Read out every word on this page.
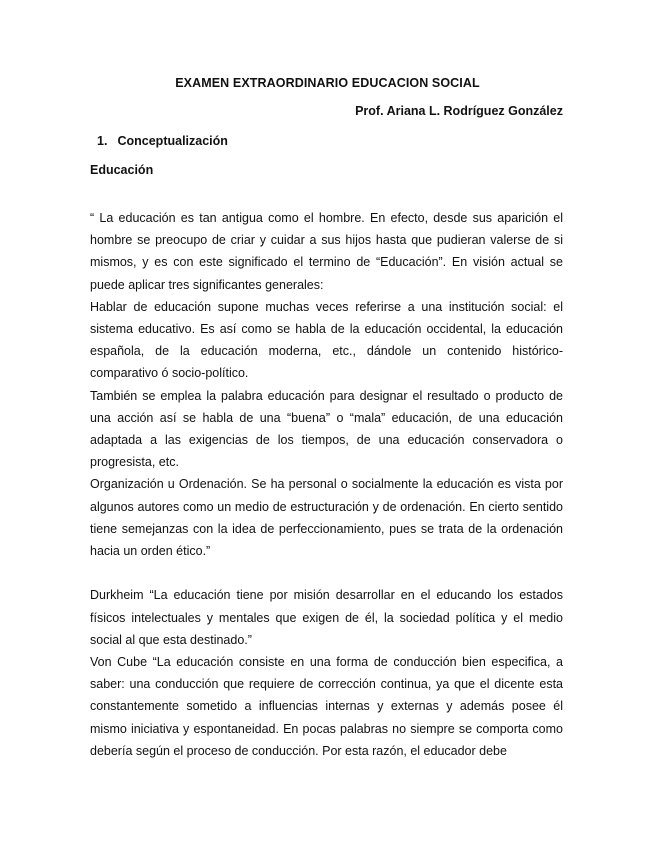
EXAMEN EXTRAORDINARIO EDUCACION SOCIAL
Prof. Ariana L. Rodríguez González
1. Conceptualización
Educación

“ La educación es tan antigua como el hombre. En efecto, desde sus aparición el hombre se preocupo de criar y cuidar a sus hijos hasta que pudieran valerse de si mismos, y es con este significado el termino de “Educación”. En visión actual se puede aplicar tres significantes generales:

Hablar de educación supone muchas veces referirse a una institución social: el sistema educativo. Es así como se habla de la educación occidental, la educación española, de la educación moderna, etc., dándole un contenido histórico-comparativo ó socio-político.

También se emplea la palabra educación para designar el resultado o producto de una acción así se habla de una “buena” o “mala” educación, de una educación adaptada a las exigencias de los tiempos, de una educación conservadora o progresista, etc.

Organización u Ordenación. Se ha personal o socialmente la educación es vista por algunos autores como un medio de estructuración y de ordenación. En cierto sentido tiene semejanzas con la idea de perfeccionamiento, pues se trata de la ordenación hacia un orden ético.”

Durkheim “La educación tiene por misión desarrollar en el educando los estados físicos intelectuales y mentales que exigen de él, la sociedad política y el medio social al que esta destinado.”

Von Cube “La educación consiste en una forma de conducción bien especifica, a saber: una conducción que requiere de corrección continua, ya que el dicente esta constantemente sometido a influencias internas y externas y además posee él mismo iniciativa y espontaneidad. En pocas palabras no siempre se comporta como debería según el proceso de conducción. Por esta razón, el educador debe
